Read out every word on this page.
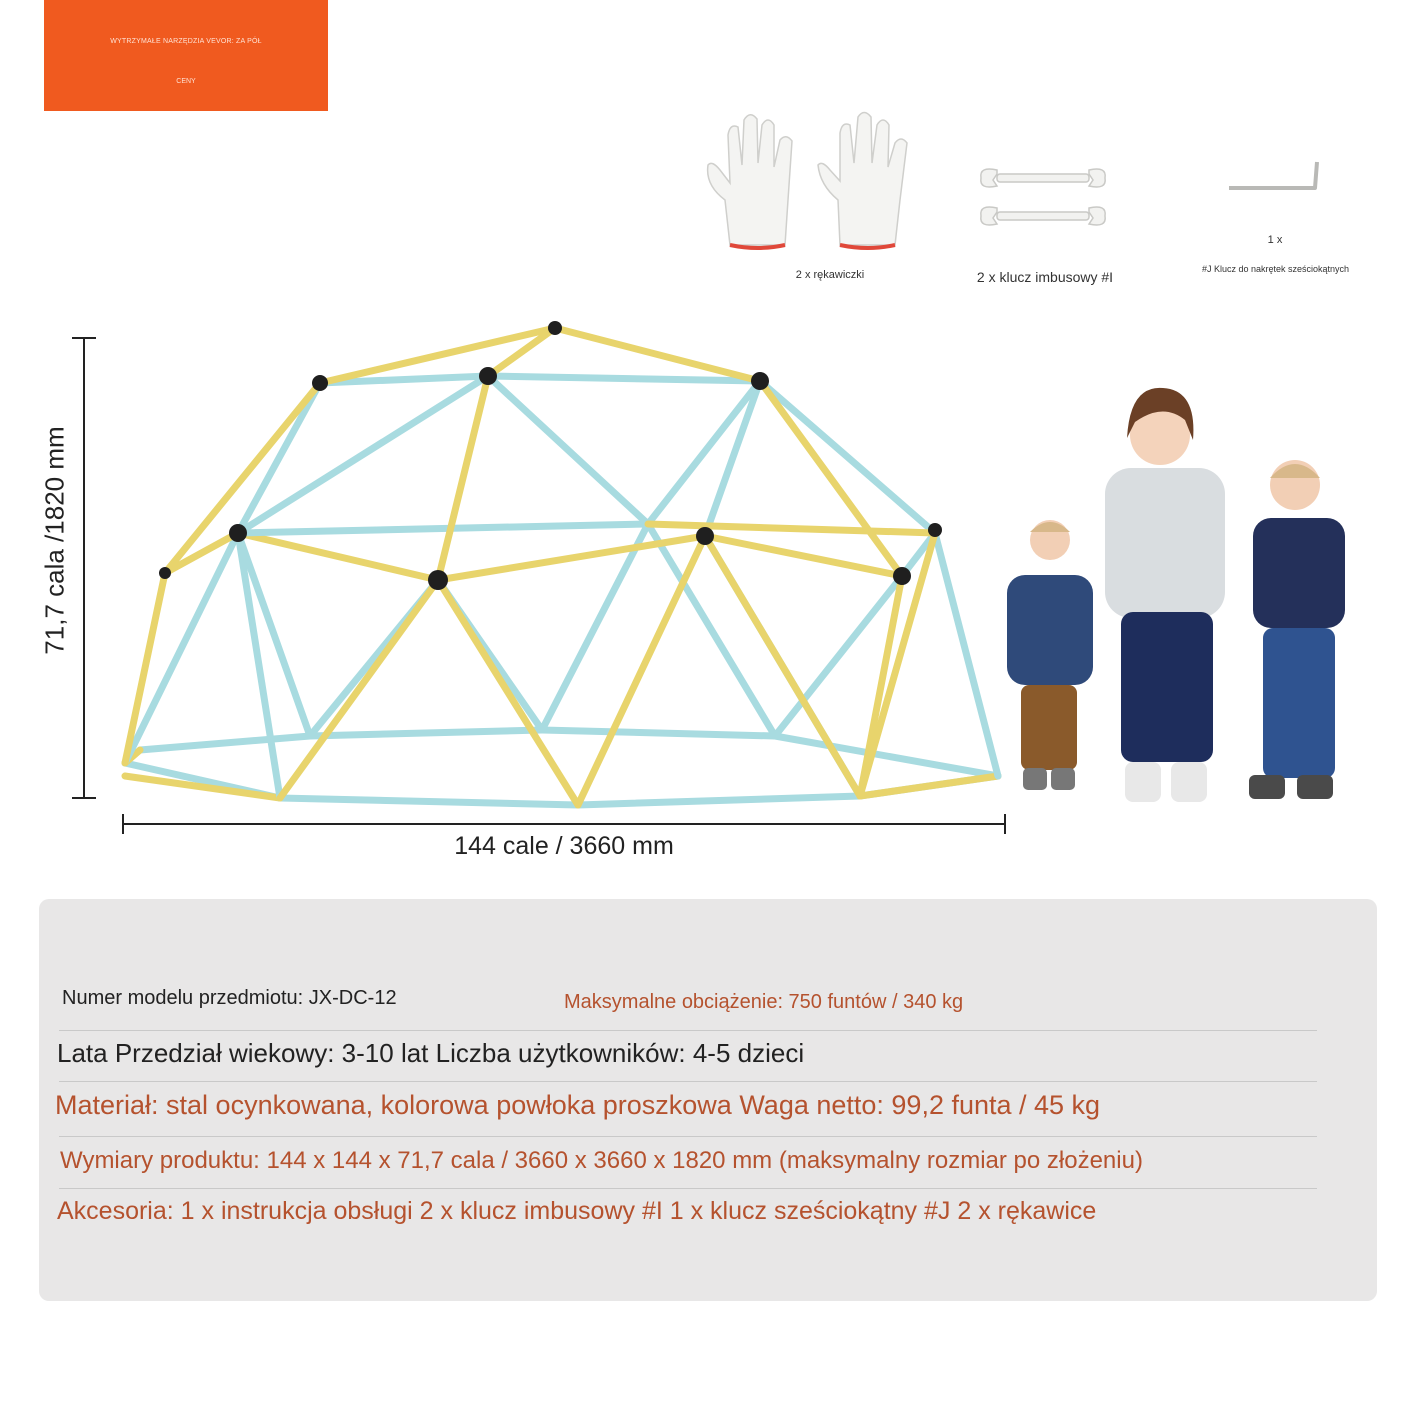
WYTRZYMAŁE NARZĘDZIA VEVOR: ZA PÓŁ
CENY
2 x rękawiczki	2 x klucz imbusowy #I
1 x
#J Klucz do nakrętek sześciokątnych
71,7 cala /1820 mm
144 cale / 3660 mm
Numer modelu przedmiotu: JX-DC-12	Maksymalne obciążenie: 750 funtów / 340 kg
Lata Przedział wiekowy: 3-10 lat Liczba użytkowników: 4-5 dzieci
Materiał: stal ocynkowana, kolorowa powłoka proszkowa Waga netto: 99,2 funta / 45 kg
Wymiary produktu: 144 x 144 x 71,7 cala / 3660 x 3660 x 1820 mm (maksymalny rozmiar po złożeniu)
Akcesoria: 1 x instrukcja obsługi 2 x klucz imbusowy #I 1 x klucz sześciokątny #J 2 x rękawice
